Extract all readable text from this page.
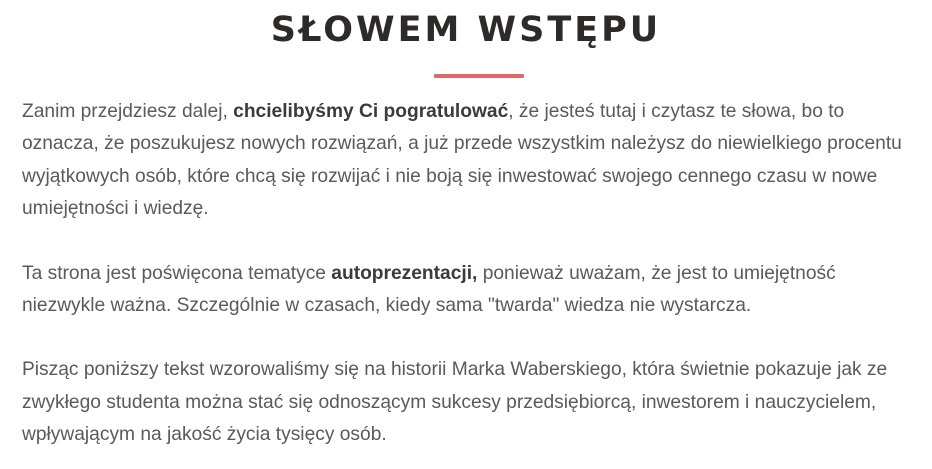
SŁOWEM WSTĘPU

Zanim przejdziesz dalej, chcielibyśmy Ci pogratulować, że jesteś tutaj i czytasz te słowa, bo to oznacza, że poszukujesz nowych rozwiązań, a już przede wszystkim należysz do niewielkiego procentu wyjątkowych osób, które chcą się rozwijać i nie boją się inwestować swojego cennego czasu w nowe umiejętności i wiedzę.

Ta strona jest poświęcona tematyce autoprezentacji, ponieważ uważam, że jest to umiejętność niezwykle ważna. Szczególnie w czasach, kiedy sama "twarda" wiedza nie wystarcza.

Pisząc poniższy tekst wzorowaliśmy się na historii Marka Waberskiego, która świetnie pokazuje jak ze zwykłego studenta można stać się odnoszącym sukcesy przedsiębiorcą, inwestorem i nauczycielem, wpływającym na jakość życia tysięcy osób.
